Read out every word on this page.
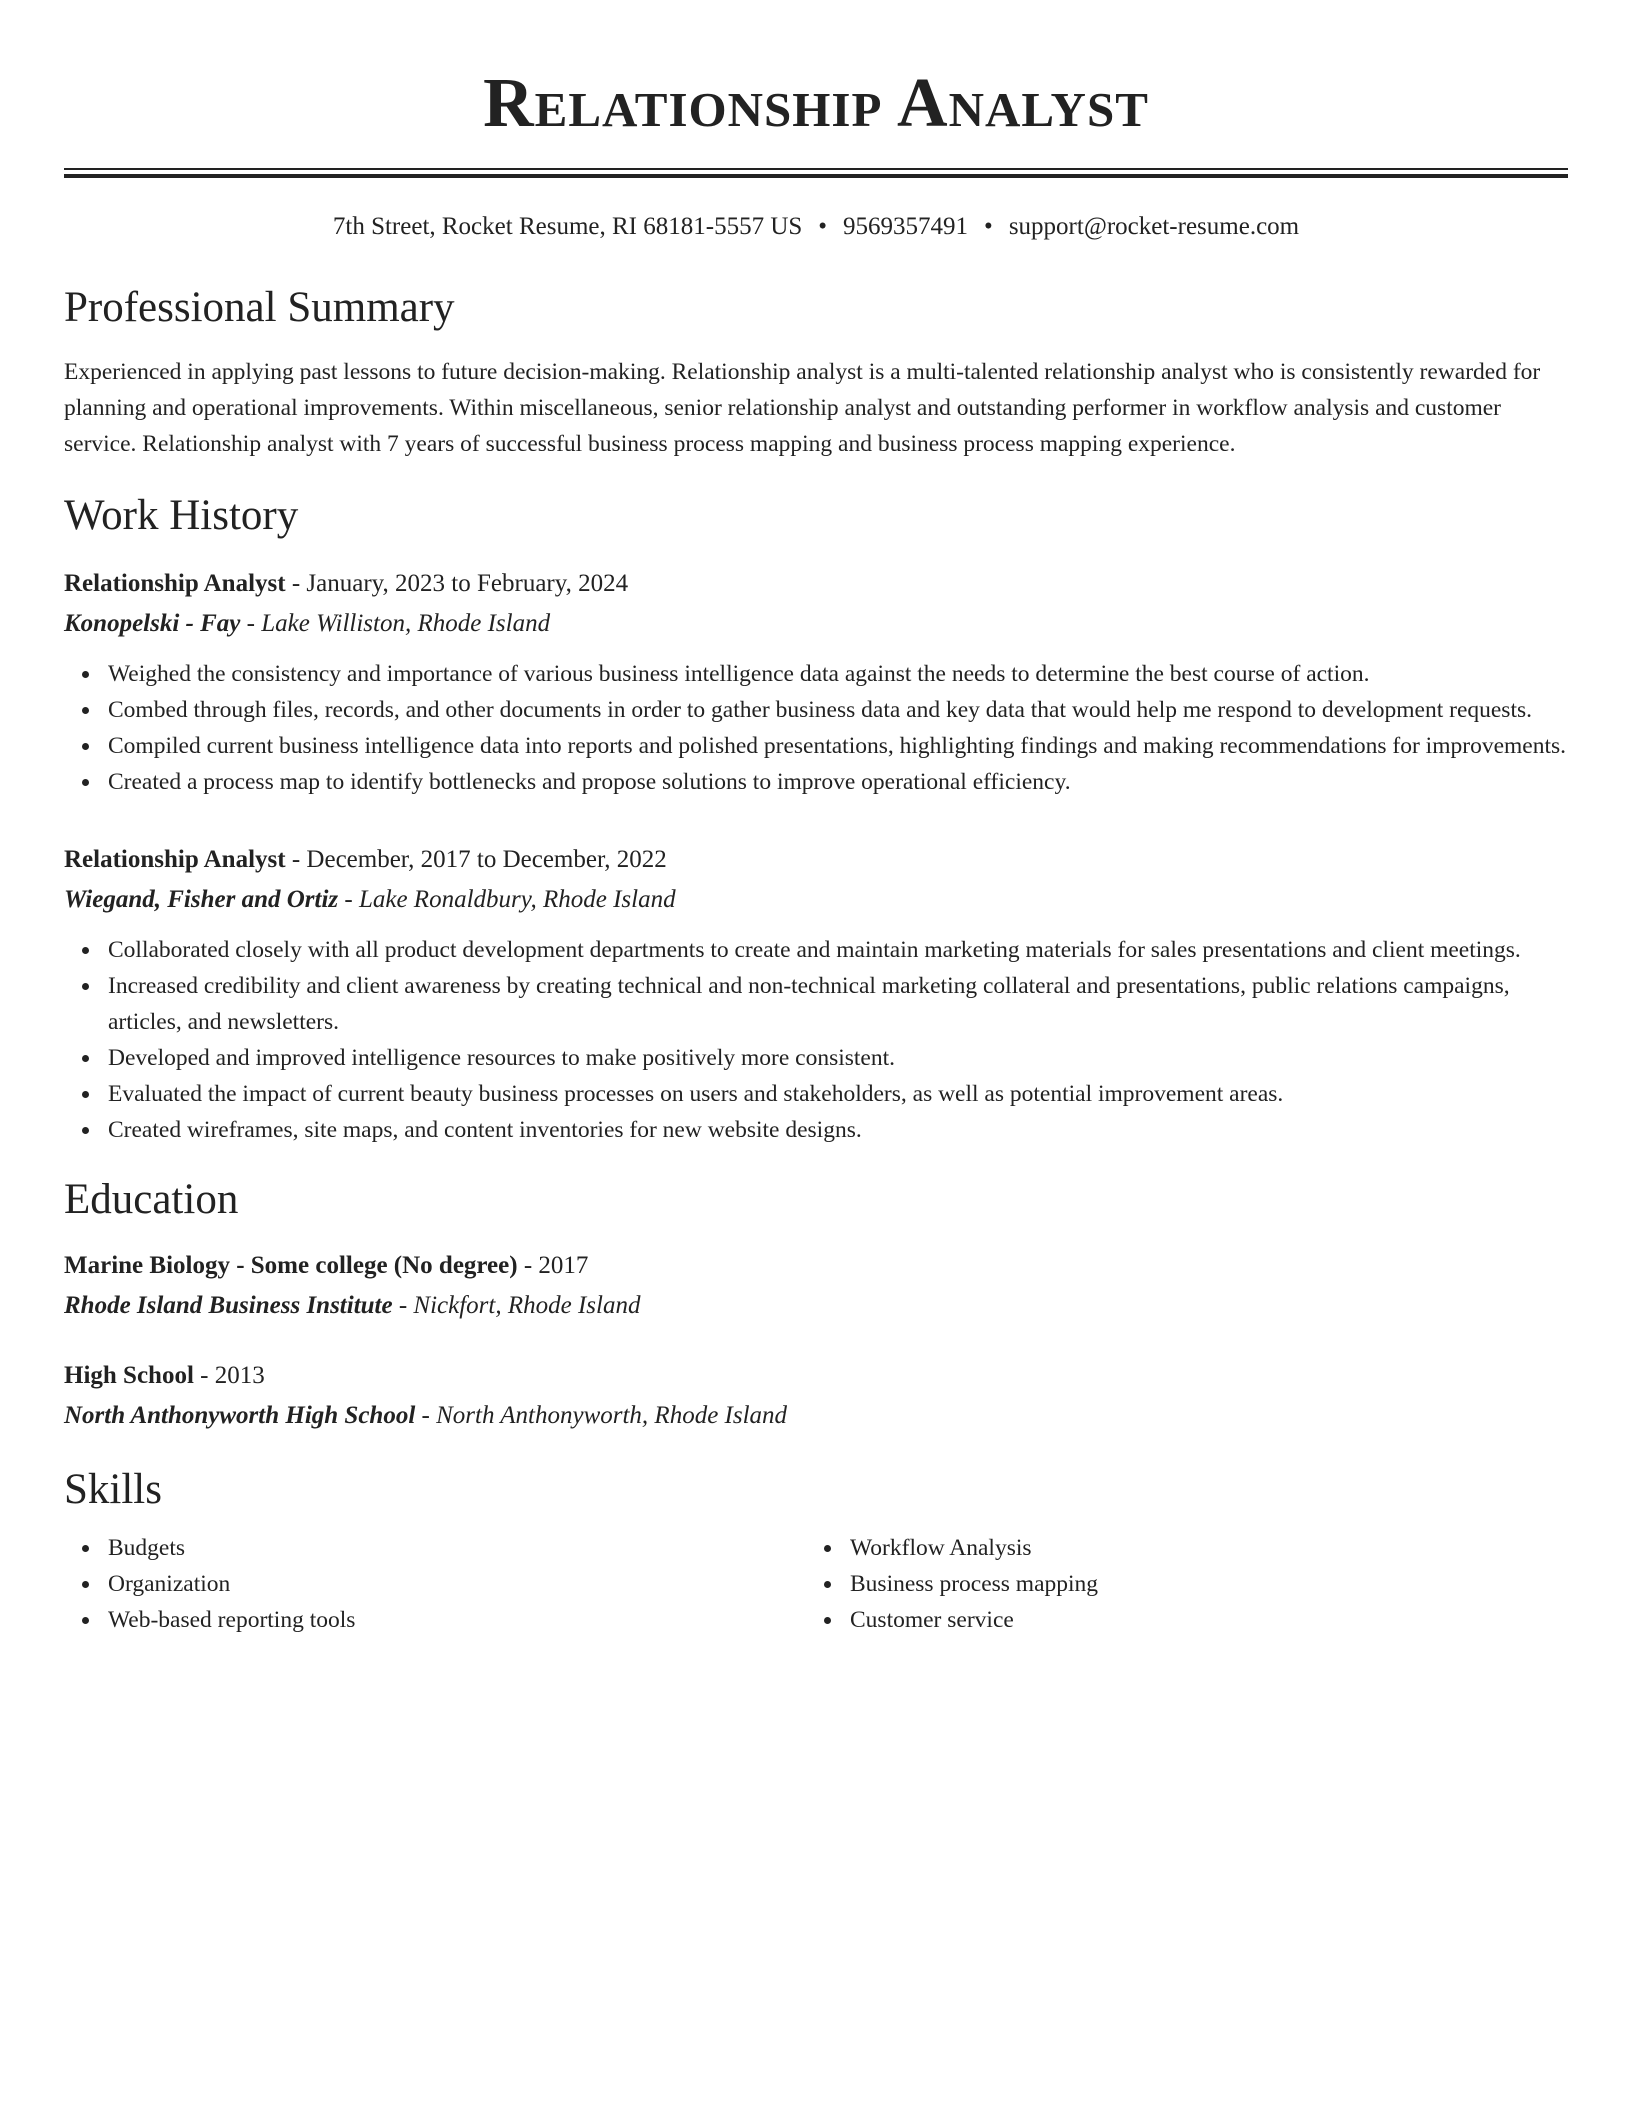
Relationship Analyst
7th Street, Rocket Resume, RI 68181-5557 US • 9569357491 • support@rocket-resume.com
Professional Summary
Experienced in applying past lessons to future decision-making. Relationship analyst is a multi-talented relationship analyst who is consistently rewarded for planning and operational improvements. Within miscellaneous, senior relationship analyst and outstanding performer in workflow analysis and customer service. Relationship analyst with 7 years of successful business process mapping and business process mapping experience.
Work History
Relationship Analyst - January, 2023 to February, 2024
Konopelski - Fay - Lake Williston, Rhode Island
Weighed the consistency and importance of various business intelligence data against the needs to determine the best course of action.
Combed through files, records, and other documents in order to gather business data and key data that would help me respond to development requests.
Compiled current business intelligence data into reports and polished presentations, highlighting findings and making recommendations for improvements.
Created a process map to identify bottlenecks and propose solutions to improve operational efficiency.
Relationship Analyst - December, 2017 to December, 2022
Wiegand, Fisher and Ortiz - Lake Ronaldbury, Rhode Island
Collaborated closely with all product development departments to create and maintain marketing materials for sales presentations and client meetings.
Increased credibility and client awareness by creating technical and non-technical marketing collateral and presentations, public relations campaigns, articles, and newsletters.
Developed and improved intelligence resources to make positively more consistent.
Evaluated the impact of current beauty business processes on users and stakeholders, as well as potential improvement areas.
Created wireframes, site maps, and content inventories for new website designs.
Education
Marine Biology - Some college (No degree) - 2017
Rhode Island Business Institute - Nickfort, Rhode Island
High School - 2013
North Anthonyworth High School - North Anthonyworth, Rhode Island
Skills
Budgets
Organization
Web-based reporting tools
Workflow Analysis
Business process mapping
Customer service
